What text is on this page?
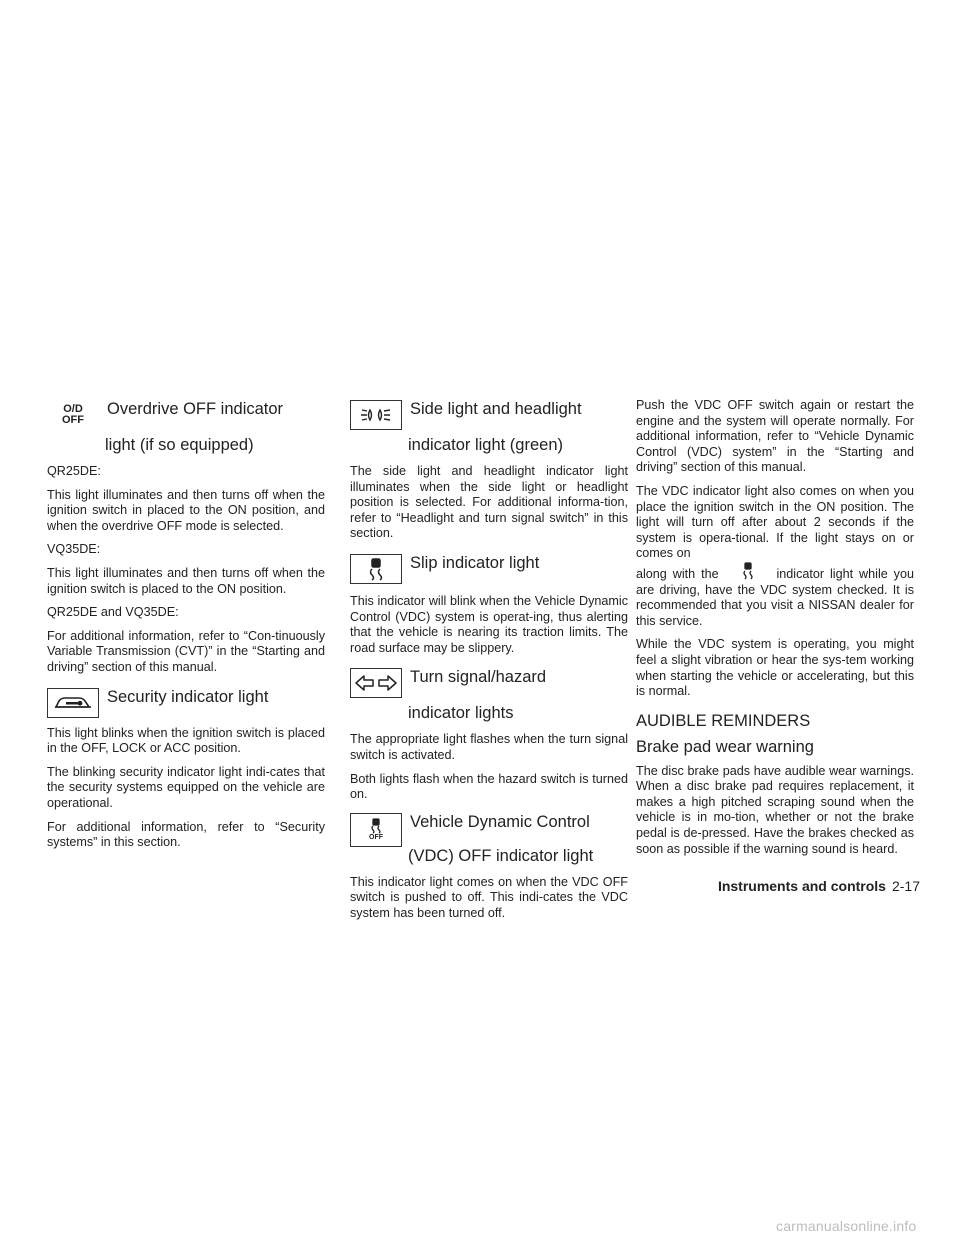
O/D
OFF
Overdrive OFF indicator
light (if so equipped)

QR25DE:

This light illuminates and then turns off when the ignition switch in placed to the ON position, and when the overdrive OFF mode is selected.

VQ35DE:

This light illuminates and then turns off when the ignition switch is placed to the ON position.

QR25DE and VQ35DE:

For additional information, refer to “Con-tinuously Variable Transmission (CVT)” in the “Starting and driving” section of this manual.

Security indicator light

This light blinks when the ignition switch is placed in the OFF, LOCK or ACC position.

The blinking security indicator light indi-cates that the security systems equipped on the vehicle are operational.

For additional information, refer to “Security systems” in this section.

Side light and headlight
indicator light (green)

The side light and headlight indicator light illuminates when the side light or headlight position is selected. For additional informa-tion, refer to “Headlight and turn signal switch” in this section.

Slip indicator light

This indicator will blink when the Vehicle Dynamic Control (VDC) system is operat-ing, thus alerting that the vehicle is nearing its traction limits. The road surface may be slippery.

Turn signal/hazard
indicator lights

The appropriate light flashes when the turn signal switch is activated.

Both lights flash when the hazard switch is turned on.

OFF
Vehicle Dynamic Control
(VDC) OFF indicator light

This indicator light comes on when the VDC OFF switch is pushed to off. This indi-cates the VDC system has been turned off.

Push the VDC OFF switch again or restart the engine and the system will operate normally. For additional information, refer to “Vehicle Dynamic Control (VDC) system” in the “Starting and driving” section of this manual.

The VDC indicator light also comes on when you place the ignition switch in the ON position. The light will turn off after about 2 seconds if the system is opera-tional. If the light stays on or comes on

along with the	indicator light while you are driving, have the VDC system checked. It is recommended that you visit a NISSAN dealer for this service.

While the VDC system is operating, you might feel a slight vibration or hear the sys-tem working when starting the vehicle or accelerating, but this is normal.

AUDIBLE REMINDERS
Brake pad wear warning

The disc brake pads have audible wear warnings. When a disc brake pad requires replacement, it makes a high pitched scraping sound when the vehicle is in mo-tion, whether or not the brake pedal is de-pressed. Have the brakes checked as soon as possible if the warning sound is heard.

Instruments and controls 2-17
carmanualsonline.info
